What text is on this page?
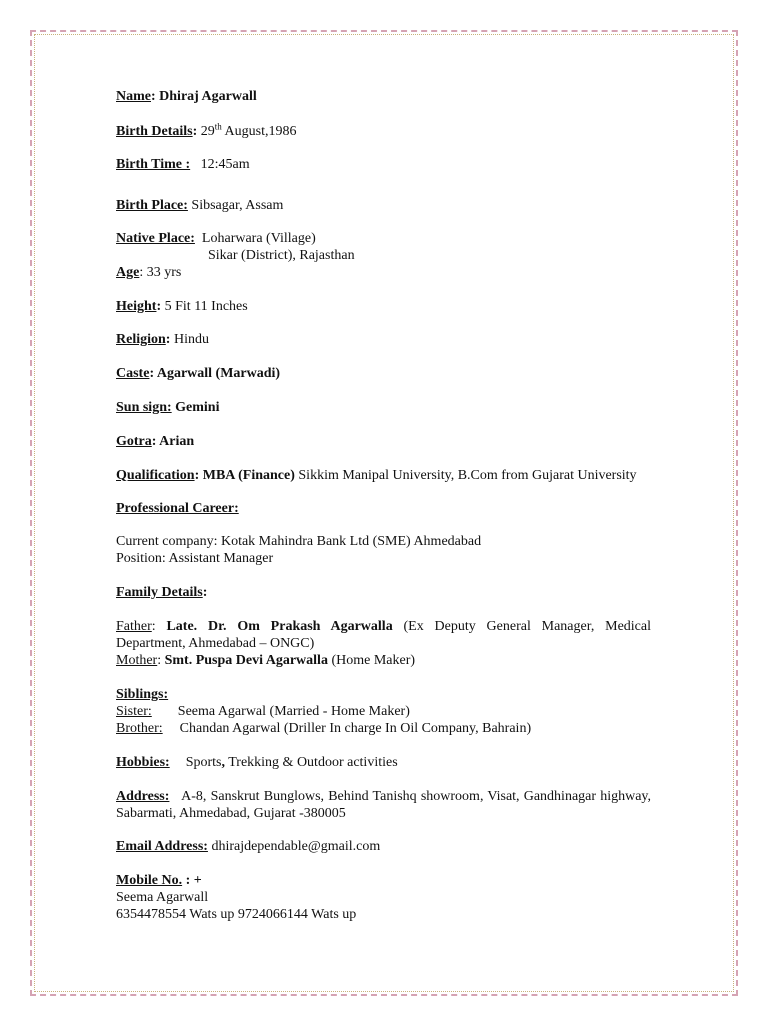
Name: Dhiraj Agarwall

Birth Details: 29th August,1986

Birth Time : 12:45am

Birth Place: Sibsagar, Assam

Native Place: Loharwara (Village)

Sikar (District), Rajasthan

Age: 33 yrs

Height: 5 Fit 11 Inches

Religion: Hindu

Caste: Agarwall (Marwadi)

Sun sign: Gemini

Gotra: Arian

Qualification: MBA (Finance) Sikkim Manipal University, B.Com from Gujarat University

Professional Career:

Current company: Kotak Mahindra Bank Ltd (SME) Ahmedabad

Position: Assistant Manager

Family Details:

Father: Late. Dr. Om Prakash Agarwalla (Ex Deputy General Manager, Medical Department, Ahmedabad – ONGC)

Mother: Smt. Puspa Devi Agarwalla (Home Maker)

Siblings:

Sister: Seema Agarwal (Married - Home Maker)

Brother: Chandan Agarwal (Driller In charge In Oil Company, Bahrain)

Hobbies: Sports, Trekking & Outdoor activities

Address:   A-8, Sanskrut Bunglows, Behind Tanishq showroom, Visat, Gandhinagar highway, Sabarmati, Ahmedabad, Gujarat -380005

Email Address: dhirajdependable@gmail.com

Mobile No. : +

Seema Agarwall

6354478554 Wats up 9724066144 Wats up
